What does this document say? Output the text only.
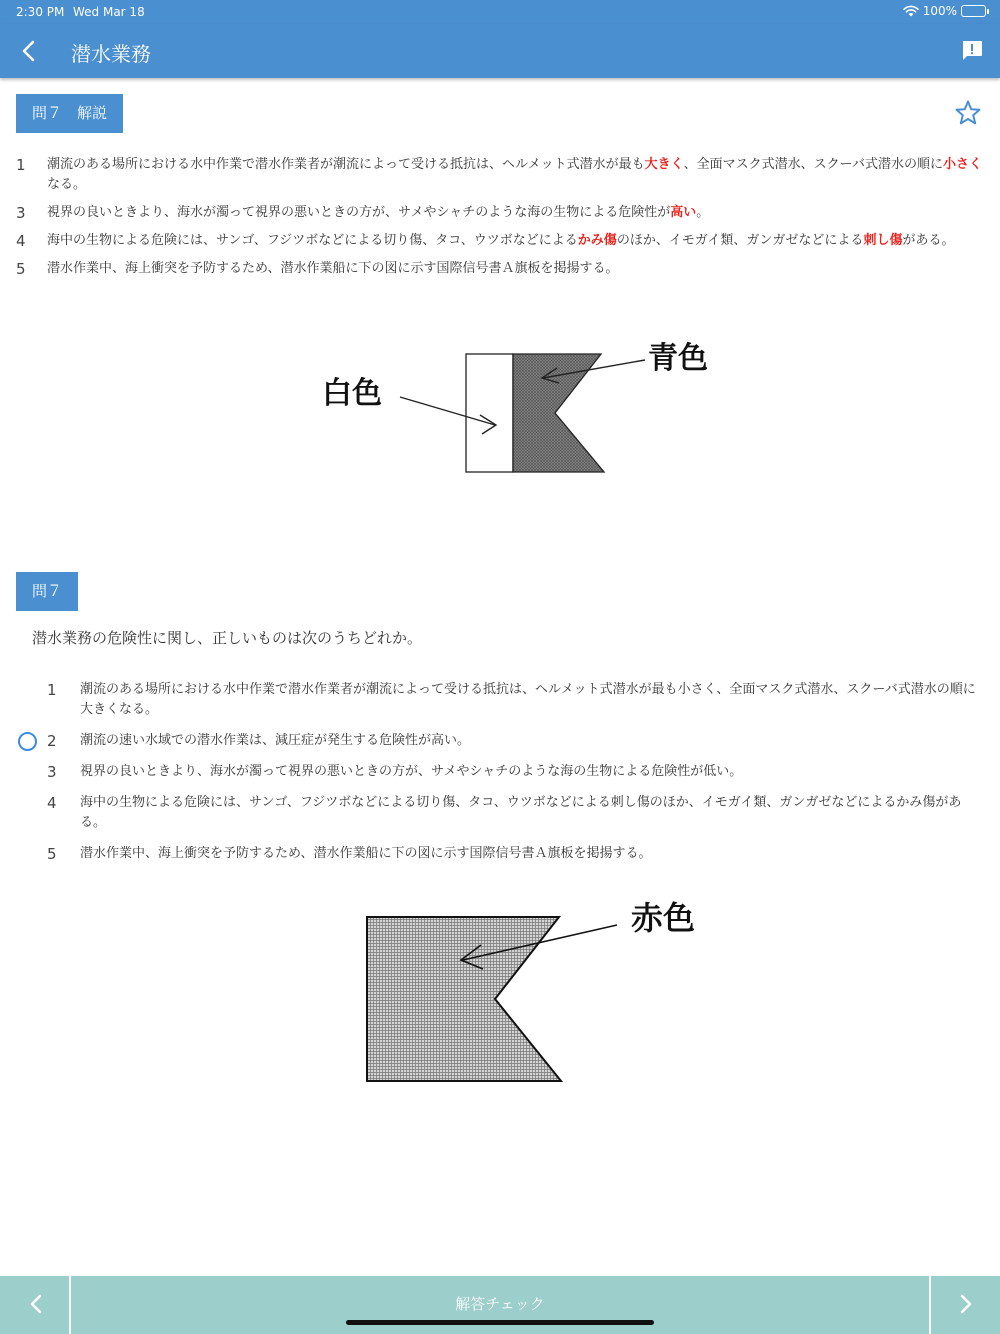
2:30 PM Wed Mar 18	100%
潜水業務
問７　解説
1	潮流のある場所における水中作業で潜水作業者が潮流によって受ける抵抗は、ヘルメット式潜水が最も大きく、全面マスク式潜水、スクーバ式潜水の順に小さくなる。
3	視界の良いときより、海水が濁って視界の悪いときの方が、サメやシャチのような海の生物による危険性が高い。
4	海中の生物による危険には、サンゴ、フジツボなどによる切り傷、タコ、ウツボなどによるかみ傷のほか、イモガイ類、ガンガゼなどによる刺し傷がある。
5	潜水作業中、海上衝突を予防するため、潜水作業船に下の図に示す国際信号書Ａ旗板を掲揚する。
白色
青色
問７
潜水業務の危険性に関し、正しいものは次のうちどれか。
1	潮流のある場所における水中作業で潜水作業者が潮流によって受ける抵抗は、ヘルメット式潜水が最も小さく、全面マスク式潜水、スクーバ式潜水の順に大きくなる。
2	潮流の速い水域での潜水作業は、減圧症が発生する危険性が高い。
3	視界の良いときより、海水が濁って視界の悪いときの方が、サメやシャチのような海の生物による危険性が低い。
4	海中の生物による危険には、サンゴ、フジツボなどによる切り傷、タコ、ウツボなどによる刺し傷のほか、イモガイ類、ガンガゼなどによるかみ傷がある。
5	潜水作業中、海上衝突を予防するため、潜水作業船に下の図に示す国際信号書Ａ旗板を掲揚する。
赤色
解答チェック
